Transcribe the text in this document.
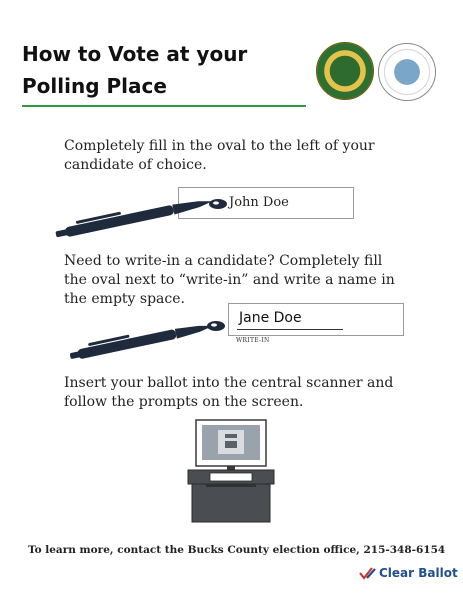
How to Vote at your
Polling Place

Completely fill in the oval to the left of your candidate of choice.

John Doe

Need to write-in a candidate? Completely fill the oval next to “write-in” and write a name in the empty space.

Jane Doe
WRITE-IN

Insert your ballot into the central scanner and follow the prompts on the screen.

To learn more, contact the Bucks County election office, 215-348-6154

Clear Ballot
